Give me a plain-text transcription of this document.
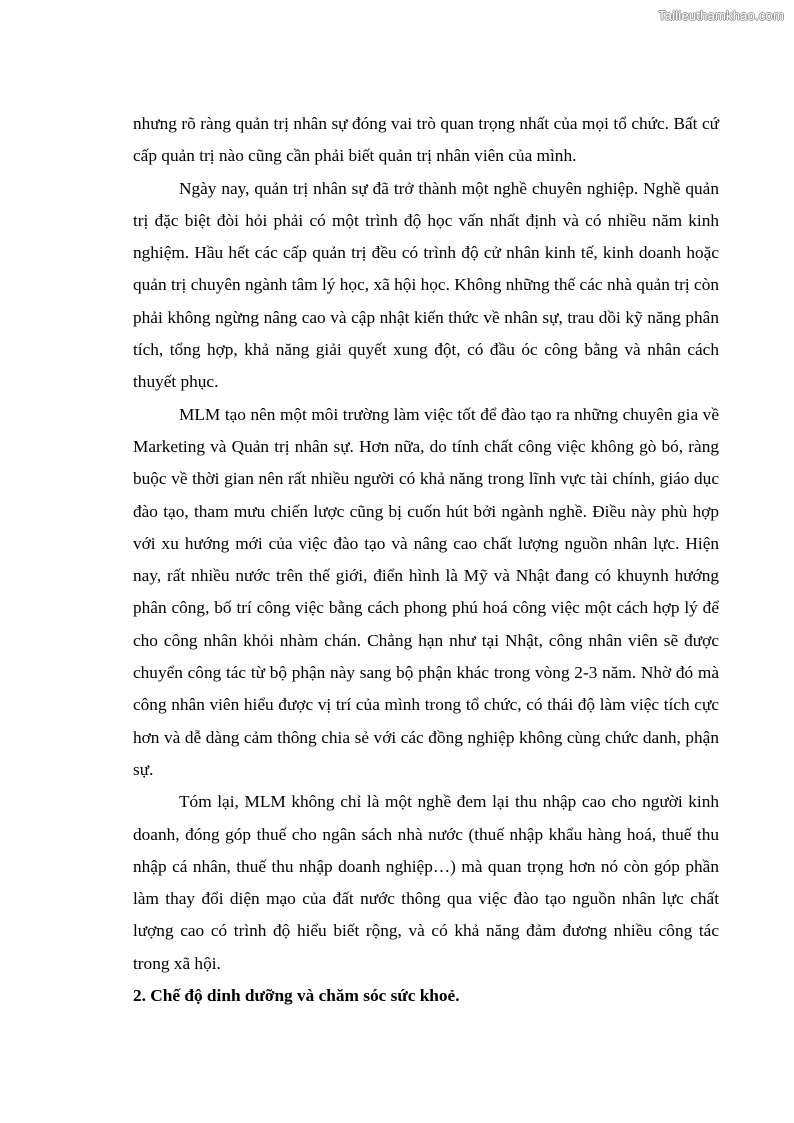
Tailieuthamkhao.com

nhưng rõ ràng quản trị nhân sự đóng vai trò quan trọng nhất của mọi tổ chức. Bất cứ cấp quản trị nào cũng cần phải biết quản trị nhân viên của mình.

Ngày nay, quản trị nhân sự đã trở thành một nghề chuyên nghiệp. Nghề quản trị đặc biệt đòi hỏi phải có một trình độ học vấn nhất định và có nhiều năm kinh nghiệm. Hầu hết các cấp quản trị đều có trình độ cử nhân kinh tế, kinh doanh hoặc quản trị chuyên ngành tâm lý học, xã hội học. Không những thế các nhà quản trị còn phải không ngừng nâng cao và cập nhật kiến thức về nhân sự, trau dồi kỹ năng phân tích, tổng hợp, khả năng giải quyết xung đột, có đầu óc công bằng và nhân cách thuyết phục.

MLM tạo nên một môi trường làm việc tốt để đào tạo ra những chuyên gia về Marketing và Quản trị nhân sự. Hơn nữa, do tính chất công việc không gò bó, ràng buộc về thời gian nên rất nhiều người có khả năng trong lĩnh vực tài chính, giáo dục đào tạo, tham mưu chiến lược cũng bị cuốn hút bởi ngành nghề. Điều này phù hợp với xu hướng mới của việc đào tạo và nâng cao chất lượng nguồn nhân lực. Hiện nay, rất nhiều nước trên thế giới, điển hình là Mỹ và Nhật đang có khuynh hướng phân công, bố trí công việc bằng cách phong phú hoá công việc một cách hợp lý để cho công nhân khỏi nhàm chán. Chẳng hạn như tại Nhật, công nhân viên sẽ được chuyển công tác từ bộ phận này sang bộ phận khác trong vòng 2-3 năm. Nhờ đó mà công nhân viên hiểu được vị trí của mình trong tổ chức, có thái độ làm việc tích cực hơn và dễ dàng cảm thông chia sẻ với các đồng nghiệp không cùng chức danh, phận sự.

Tóm lại, MLM không chỉ là một nghề đem lại thu nhập cao cho người kinh doanh, đóng góp thuế cho ngân sách nhà nước (thuế nhập khẩu hàng hoá, thuế thu nhập cá nhân, thuế thu nhập doanh nghiệp…) mà quan trọng hơn nó còn góp phần làm thay đổi diện mạo của đất nước thông qua việc đào tạo nguồn nhân lực chất lượng cao có trình độ hiểu biết rộng, và có khả năng đảm đương nhiều công tác trong xã hội.

2. Chế độ dinh dưỡng và chăm sóc sức khoẻ.
